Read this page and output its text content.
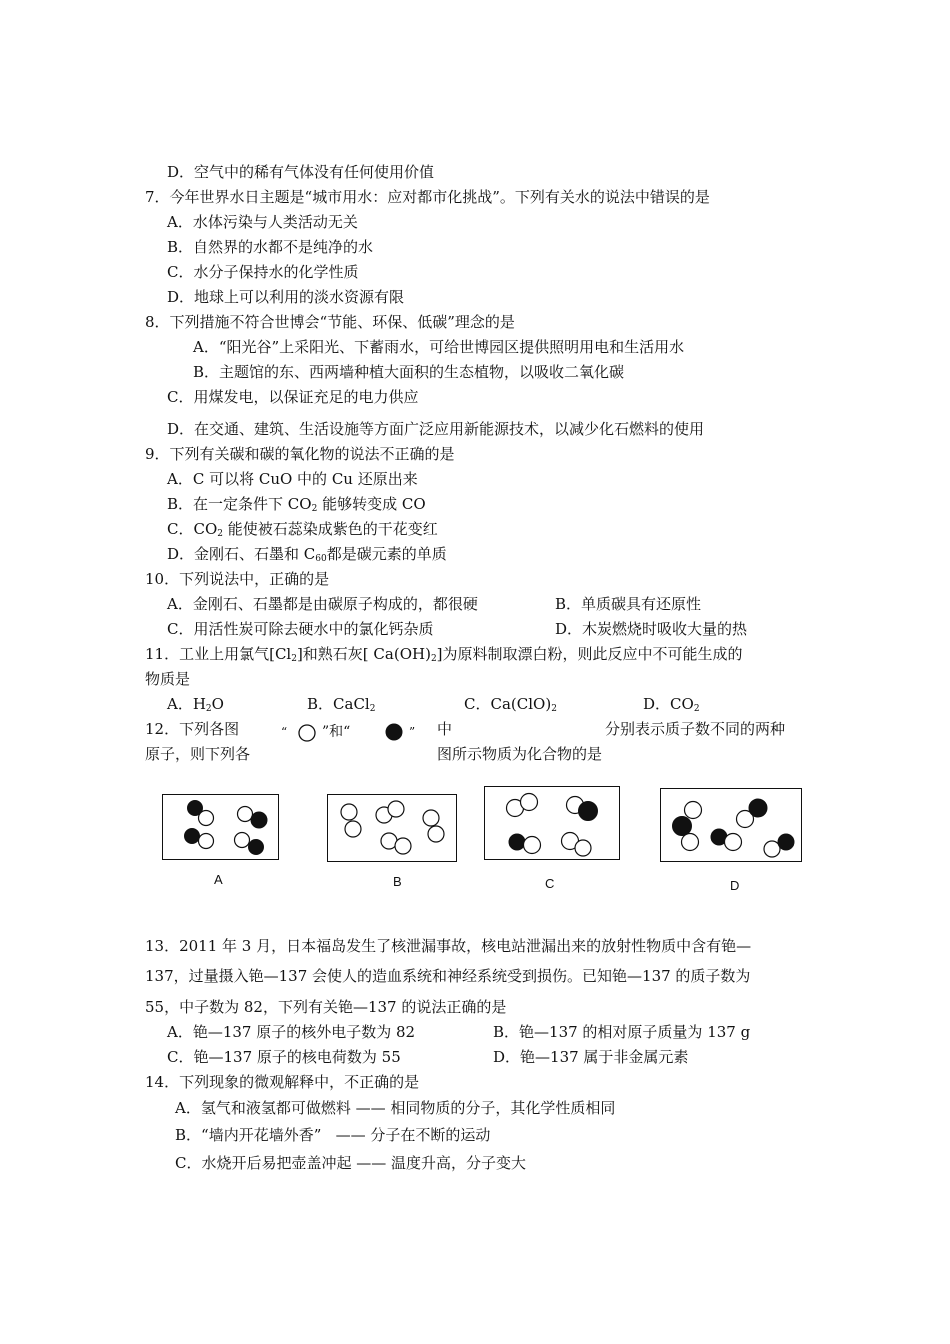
D．空气中的稀有气体没有任何使用价值
7．今年世界水日主题是“城市用水：应对都市化挑战”。下列有关水的说法中错误的是
A．水体污染与人类活动无关
B．自然界的水都不是纯净的水
C．水分子保持水的化学性质
D．地球上可以利用的淡水资源有限
8．下列措施不符合世博会“节能、环保、低碳”理念的是
A．“阳光谷”上采阳光、下蓄雨水，可给世博园区提供照明用电和生活用水
B．主题馆的东、西两墙种植大面积的生态植物，以吸收二氧化碳
C．用煤发电，以保证充足的电力供应
D．在交通、建筑、生活设施等方面广泛应用新能源技术，以减少化石燃料的使用
9．下列有关碳和碳的氧化物的说法不正确的是
A．C 可以将 CuO 中的 Cu 还原出来
B．在一定条件下 $CO_2$ 能够转变成 CO
C．$CO_2$ 能使被石蕊染成紫色的干花变红
D．金刚石、石墨和 $C_{60}$都是碳元素的单质
10．下列说法中，正确的是
A．金刚石、石墨都是由碳原子构成的，都很硬	B．单质碳具有还原性
C．用活性炭可除去硬水中的氯化钙杂质	D．木炭燃烧时吸收大量的热
11．工业上用氯气$[Cl_2]$和熟石灰[ $Ca(OH)_2$]为原料制取漂白粉，则此反应中不可能生成的
物质是
A．$H_2O$	B．CaCl$_2$	C．$Ca(ClO)_2$	D．$CO_2$
12．下列各图	“ ”和“	” 中	分别表示质子数不同的两种
原子，则下列各	图所示物质为化合物的是
A	B	C	D
13．2011 年 3 月，日本福岛发生了核泄漏事故，核电站泄漏出来的放射性物质中含有铯—
137，过量摄入铯—137 会使人的造血系统和神经系统受到损伤。已知铯—137 的质子数为
55，中子数为 82，下列有关铯—137 的说法正确的是
A．铯—137 原子的核外电子数为 82	B．铯—137 的相对原子质量为 137 g
C．铯—137 原子的核电荷数为 55	D．铯—137 属于非金属元素
14．下列现象的微观解释中，不正确的是
A．氢气和液氢都可做燃料 —— 相同物质的分子，其化学性质相同
B．“墙内开花墙外香”   —— 分子在不断的运动
C．水烧开后易把壶盖冲起 —— 温度升高，分子变大
